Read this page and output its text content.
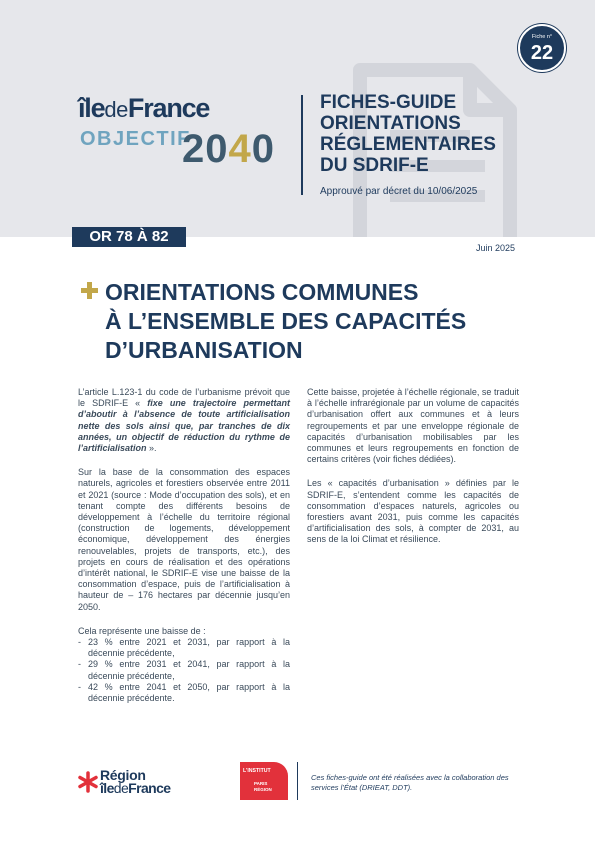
Fiche n°
22
îledeFrance
OBJECTIF
2040
FICHES-GUIDE
ORIENTATIONS
RÉGLEMENTAIRES
DU SDRIF-E
Approuvé par décret du 10/06/2025
OR 78 À 82
Juin 2025
ORIENTATIONS COMMUNES
À L’ENSEMBLE DES CAPACITÉS
D’URBANISATION

L’article L.123-1 du code de l’urbanisme prévoit que le SDRIF-E « fixe une trajectoire permettant d’aboutir à l’absence de toute artificialisation nette des sols ainsi que, par tranches de dix années, un objectif de réduction du rythme de l’artificialisation ».

Sur la base de la consommation des espaces naturels, agricoles et forestiers observée entre 2011 et 2021 (source : Mode d’occupation des sols), et en tenant compte des différents besoins de développement à l’échelle du territoire régional (construction de logements, développement économique, développement des énergies renouvelables, projets de transports, etc.), des projets en cours de réalisation et des opérations d’intérêt national, le SDRIF-E vise une baisse de la consommation d’espace, puis de l’artificialisation à hauteur de – 176 hectares par décennie jusqu’en 2050.

Cela représente une baisse de :

- 23 % entre 2021 et 2031, par rapport à la décennie précédente,
- 29 % entre 2031 et 2041, par rapport à la décennie précédente,
- 42 % entre 2041 et 2050, par rapport à la décennie précédente.

Cette baisse, projetée à l’échelle régionale, se traduit à l’échelle infrarégionale par un volume de capacités d’urbanisation offert aux communes et à leurs regroupements et par une enveloppe régionale de capacités d’urbanisation mobilisables par les communes et leurs regroupements en fonction de certains critères (voir fiches dédiées).

Les « capacités d’urbanisation » définies par le SDRIF-E, s’entendent comme les capacités de consommation d’espaces naturels, agricoles ou forestiers avant 2031, puis comme les capacités d’artificialisation des sols, à compter de 2031, au sens de la loi Climat et résilience.

Région
îledeFrance
L’INSTITUT
PARIS
RÉGION
Ces fiches-guide ont été réalisées avec la collaboration des services l’État (DRIEAT, DDT).
